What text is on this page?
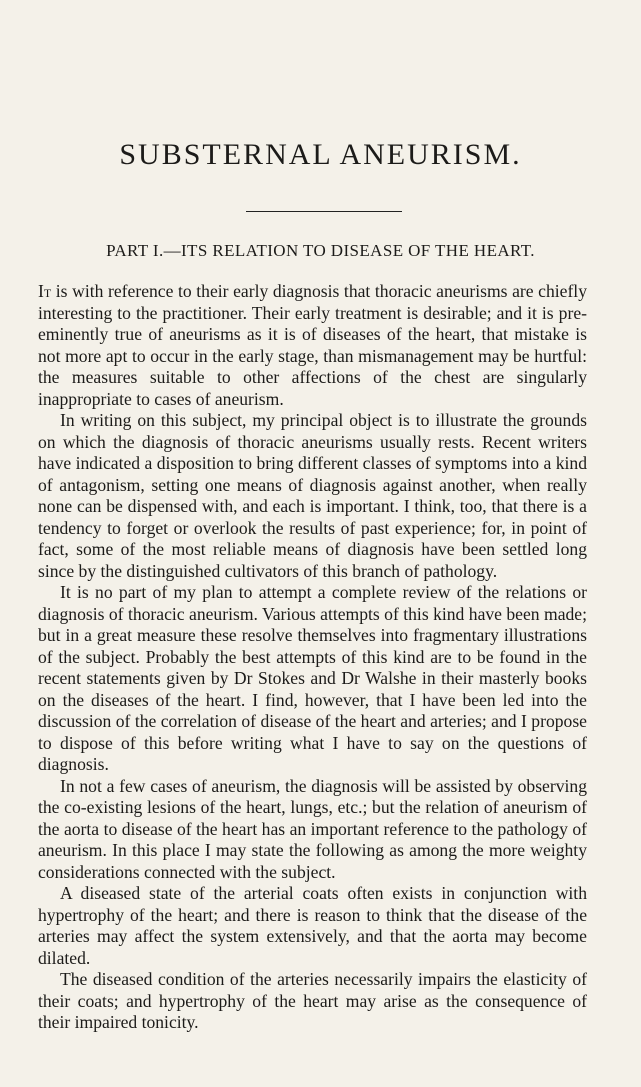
SUBSTERNAL ANEURISM.
PART I.—ITS RELATION TO DISEASE OF THE HEART.

It is with reference to their early diagnosis that thoracic aneurisms are chiefly interesting to the practitioner. Their early treatment is desirable; and it is pre-eminently true of aneurisms as it is of diseases of the heart, that mistake is not more apt to occur in the early stage, than mismanagement may be hurtful: the measures suitable to other affections of the chest are singularly inappropriate to cases of aneurism.

In writing on this subject, my principal object is to illustrate the grounds on which the diagnosis of thoracic aneurisms usually rests. Recent writers have indicated a disposition to bring different classes of symptoms into a kind of antagonism, setting one means of diagnosis against another, when really none can be dispensed with, and each is important. I think, too, that there is a tendency to forget or overlook the results of past experience; for, in point of fact, some of the most reliable means of diagnosis have been settled long since by the distinguished cultivators of this branch of pathology.

It is no part of my plan to attempt a complete review of the relations or diagnosis of thoracic aneurism. Various attempts of this kind have been made; but in a great measure these resolve themselves into fragmentary illustrations of the subject. Probably the best attempts of this kind are to be found in the recent statements given by Dr Stokes and Dr Walshe in their masterly books on the diseases of the heart. I find, however, that I have been led into the discussion of the correlation of disease of the heart and arteries; and I propose to dispose of this before writing what I have to say on the questions of diagnosis.

In not a few cases of aneurism, the diagnosis will be assisted by observing the co-existing lesions of the heart, lungs, etc.; but the relation of aneurism of the aorta to disease of the heart has an important reference to the pathology of aneurism. In this place I may state the following as among the more weighty considerations connected with the subject.

A diseased state of the arterial coats often exists in conjunction with hypertrophy of the heart; and there is reason to think that the disease of the arteries may affect the system extensively, and that the aorta may become dilated.

The diseased condition of the arteries necessarily impairs the elasticity of their coats; and hypertrophy of the heart may arise as the consequence of their impaired tonicity.
